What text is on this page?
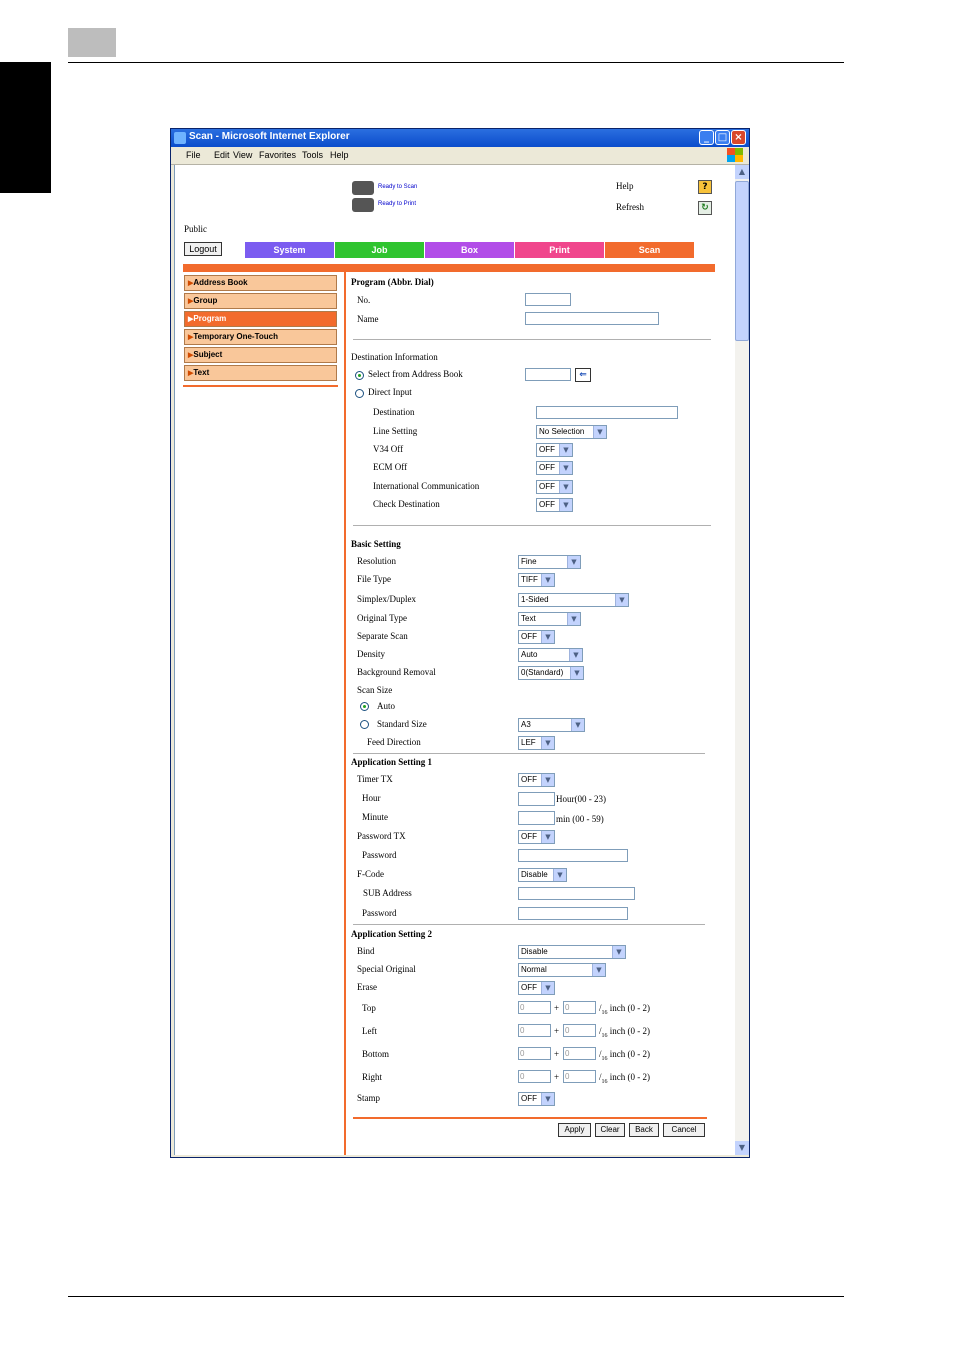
Scan - Microsoft Internet Explorer	_ □ ×
File Edit View Favorites Tools Help
▲
▼
Ready to Scan
Ready to Print
Help	?
Refresh	↻
Public
Logout	System	Job	Box	Print	Scan
▶Address Book
▶Group
▶Program
▶Temporary One-Touch
▶Subject
▶Text
Program (Abbr. Dial)
No.
Name
Destination Information
Select from Address Book	⇐
Direct Input
Destination
Line Setting	No Selection	▼
V34 Off	OFF	▼
ECM Off	OFF	▼
International Communication	OFF	▼
Check Destination	OFF	▼
Basic Setting
Resolution	Fine	▼
File Type	TIFF	▼
Simplex/Duplex	1-Sided	▼
Original Type	Text	▼
Separate Scan	OFF	▼
Density	Auto	▼
Background Removal	0(Standard)	▼
Scan Size
Auto
Standard Size	A3	▼
Feed Direction	LEF	▼
Application Setting 1
Timer TX	OFF	▼
Hour	Hour(00 - 23)
Minute	min (00 - 59)
Password TX	OFF	▼
Password
F-Code	Disable	▼
SUB Address
Password
Application Setting 2
Bind	Disable	▼
Special Original	Normal	▼
Erase	OFF	▼
Top	0	+ 0	$/_{16}$ inch (0 - 2)
Left	0	+ 0	$/_{16}$ inch (0 - 2)
Bottom	0	+ 0	$/_{16}$ inch (0 - 2)
Right	0	+ 0	$/_{16}$ inch (0 - 2)
Stamp	OFF	▼
Apply	Clear	Back	Cancel
